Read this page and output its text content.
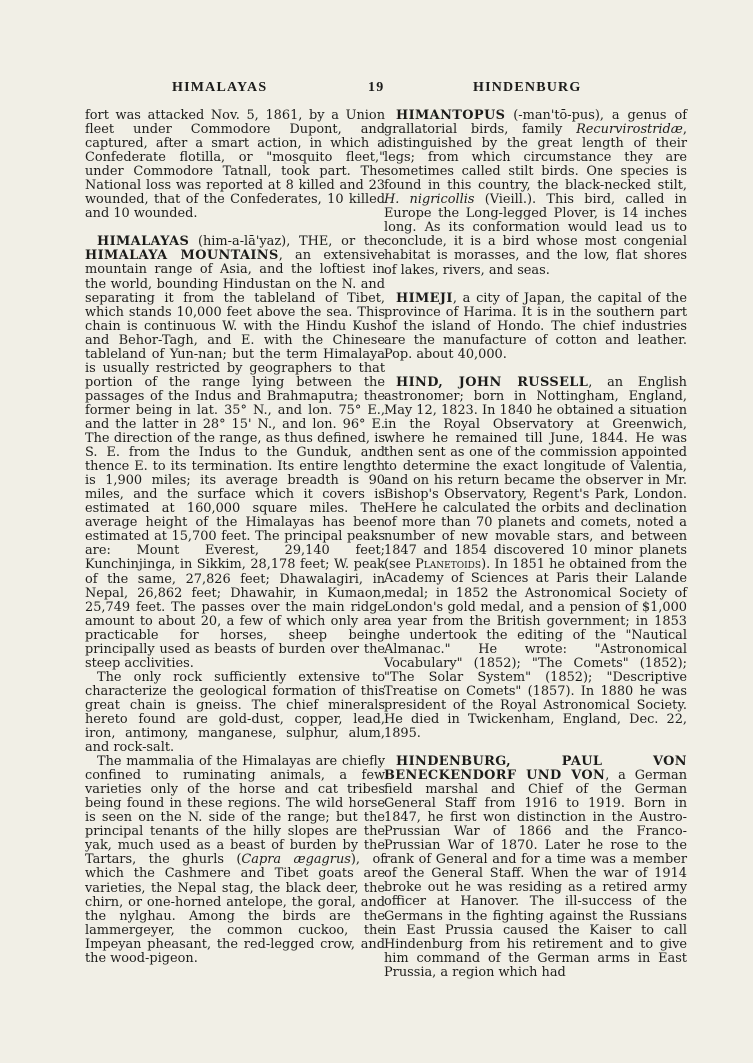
HIMALAYAS	19	HINDENBURG

fort was attacked Nov. 5, 1861, by a Union fleet under Commodore Dupont, and captured, after a smart action, in which a Confederate flotilla, or "mosquito fleet," under Commodore Tatnall, took part. The National loss was reported at 8 killed and 23 wounded, that of the Confederates, 10 killed and 10 wounded.

HIMALAYAS (him-a-lā'yaz), THE, or the HIMALAYA MOUNTAINS, an extensive mountain range of Asia, and the loftiest in the world, bounding Hindustan on the N. and separating it from the tableland of Tibet, which stands 10,000 feet above the sea. This chain is continuous W. with the Hindu Kush and Behor-Tagh, and E. with the Chinese tableland of Yun-nan; but the term Himalaya is usually restricted by geographers to that portion of the range lying between the passages of the Indus and Brahmaputra; the former being in lat. 35° N., and lon. 75° E., and the latter in 28° 15' N., and lon. 96° E. The direction of the range, as thus defined, is S. E. from the Indus to the Gunduk, and thence E. to its termination. Its entire length is 1,900 miles; its average breadth is 90 miles, and the surface which it covers is estimated at 160,000 square miles. The average height of the Himalayas has been estimated at 15,700 feet. The principal peaks are: Mount Everest, 29,140 feet; Kunchinjinga, in Sikkim, 28,178 feet; W. peak of the same, 27,826 feet; Dhawalagiri, in Nepal, 26,862 feet; Dhawahir, in Kumaon, 25,749 feet. The passes over the main ridge amount to about 20, a few of which only are practicable for horses, sheep being principally used as beasts of burden over the steep acclivities.

The only rock sufficiently extensive to characterize the geological formation of this great chain is gneiss. The chief minerals hereto found are gold-dust, copper, lead, iron, antimony, manganese, sulphur, alum, and rock-salt.

The mammalia of the Himalayas are chiefly confined to ruminating animals, a few varieties only of the horse and cat tribes being found in these regions. The wild horse is seen on the N. side of the range; but the principal tenants of the hilly slopes are the yak, much used as a beast of burden by the Tartars, the ghurls (Capra ægagrus), of which the Cashmere and Tibet goats are varieties, the Nepal stag, the black deer, the chirn, or one-horned antelope, the goral, and the nylghau. Among the birds are the lammergeyer, the common cuckoo, the Impeyan pheasant, the red-legged crow, and the wood-pigeon.

HIMANTOPUS (-man'tō-pus), a genus of grallatorial birds, family Recurvirostridæ, distinguished by the great length of their legs; from which circumstance they are sometimes called stilt birds. One species is found in this country, the black-necked stilt, H. nigricollis (Vieill.). This bird, called in Europe the Long-legged Plover, is 14 inches long. As its conformation would lead us to conclude, it is a bird whose most congenial habitat is morasses, and the low, flat shores of lakes, rivers, and seas.

HIMEJI, a city of Japan, the capital of the province of Harima. It is in the southern part of the island of Hondo. The chief industries are the manufacture of cotton and leather. Pop. about 40,000.

HIND, JOHN RUSSELL, an English astronomer; born in Nottingham, England, May 12, 1823. In 1840 he obtained a situation in the Royal Observatory at Greenwich, where he remained till June, 1844. He was then sent as one of the commission appointed to determine the exact longitude of Valentia, and on his return became the observer in Mr. Bishop's Observatory, Regent's Park, London. Here he calculated the orbits and declination of more than 70 planets and comets, noted a number of new movable stars, and between 1847 and 1854 discovered 10 minor planets (see Planetoids). In 1851 he obtained from the Academy of Sciences at Paris their Lalande medal; in 1852 the Astronomical Society of London's gold medal, and a pension of $1,000 a year from the British government; in 1853 he undertook the editing of the "Nautical Almanac." He wrote: "Astronomical Vocabulary" (1852); "The Comets" (1852); "The Solar System" (1852); "Descriptive Treatise on Comets" (1857). In 1880 he was president of the Royal Astronomical Society. He died in Twickenham, England, Dec. 22, 1895.

HINDENBURG, PAUL VON BENECKENDORF UND VON, a German field marshal and Chief of the German General Staff from 1916 to 1919. Born in 1847, he first won distinction in the Austro-Prussian War of 1866 and the Franco-Prussian War of 1870. Later he rose to the rank of General and for a time was a member of the General Staff. When the war of 1914 broke out he was residing as a retired army officer at Hanover. The ill-success of the Germans in the fighting against the Russians in East Prussia caused the Kaiser to call Hindenburg from his retirement and to give him command of the German arms in East Prussia, a region which had
